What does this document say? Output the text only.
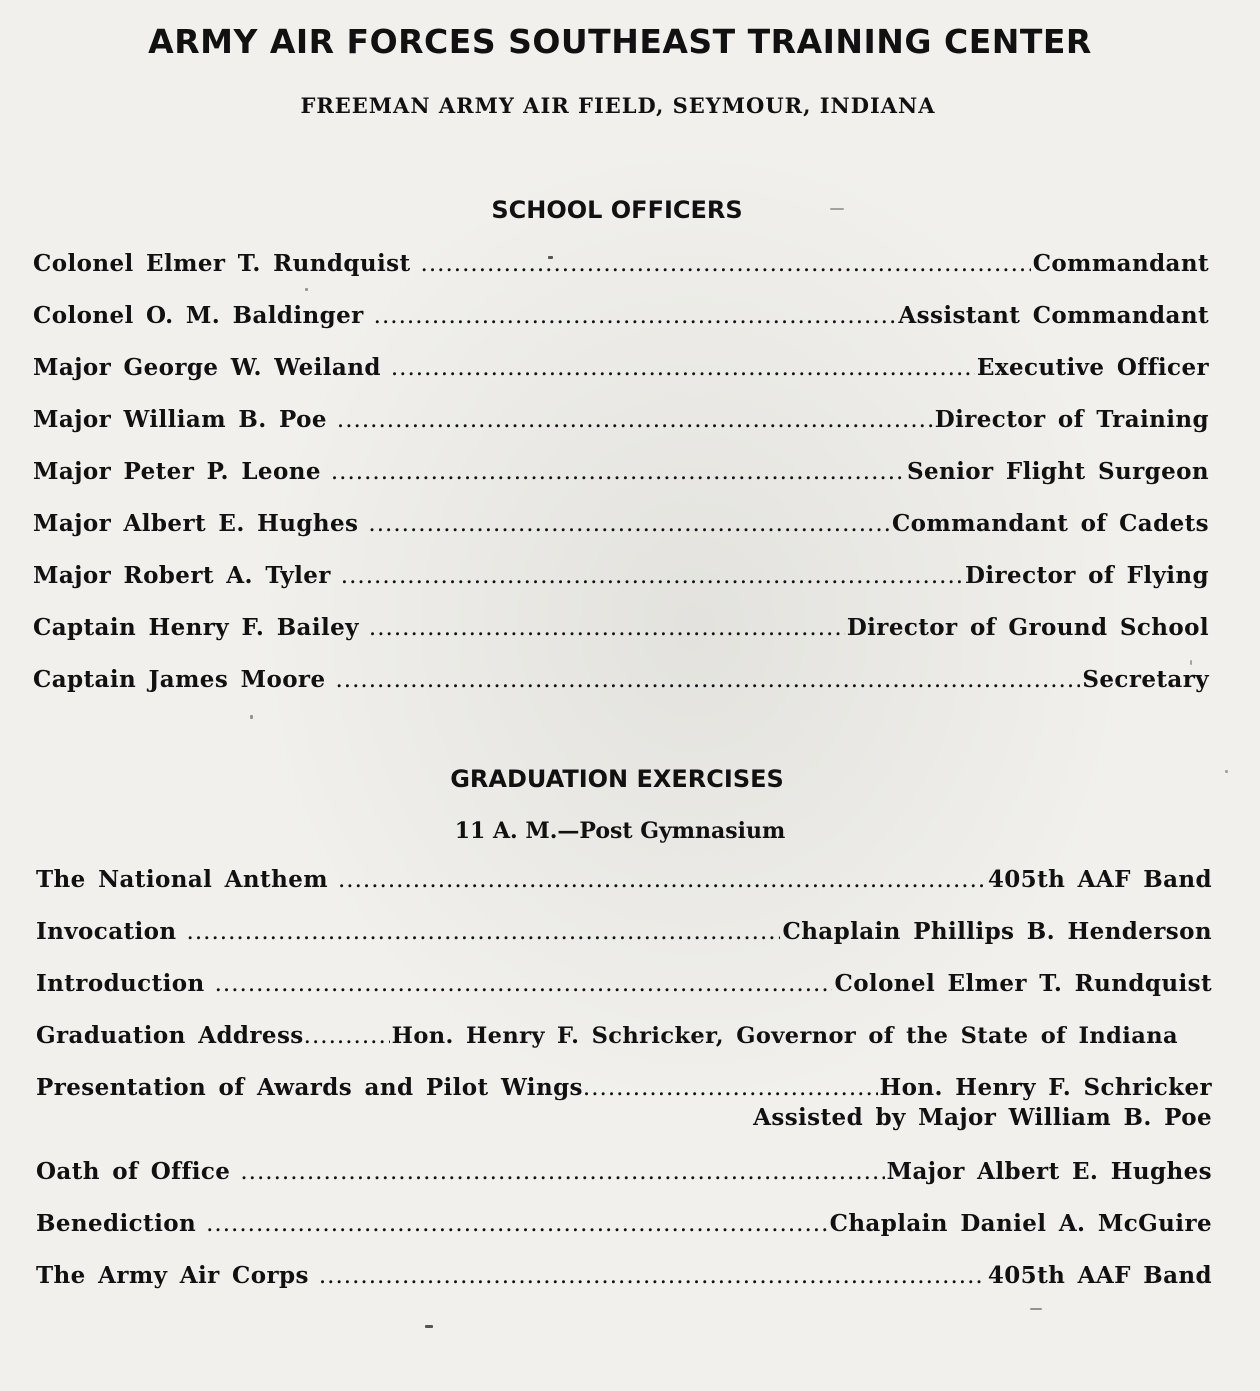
ARMY AIR FORCES SOUTHEAST TRAINING CENTER
FREEMAN ARMY AIR FIELD, SEYMOUR, INDIANA
SCHOOL OFFICERS
Colonel Elmer T. Rundquist .....	Commandant
Colonel O. M. Baldinger .....	Assistant Commandant
Major George W. Weiland .....	Executive Officer
Major William B. Poe .....	Director of Training
Major Peter P. Leone .....	Senior Flight Surgeon
Major Albert E. Hughes .....	Commandant of Cadets
Major Robert A. Tyler .....	Director of Flying
Captain Henry F. Bailey .....	Director of Ground School
Captain James Moore .....	Secretary
GRADUATION EXERCISES
11 A. M.—Post Gymnasium
The National Anthem .....	405th AAF Band
Invocation .....	Chaplain Phillips B. Henderson
Introduction .....	Colonel Elmer T. Rundquist
Graduation Address .....	Hon. Henry F. Schricker, Governor of the State of Indiana
Presentation of Awards and Pilot Wings .....	Hon. Henry F. Schricker
Assisted by Major William B. Poe
Oath of Office .....	Major Albert E. Hughes
Benediction .....	Chaplain Daniel A. McGuire
The Army Air Corps .....	405th AAF Band
